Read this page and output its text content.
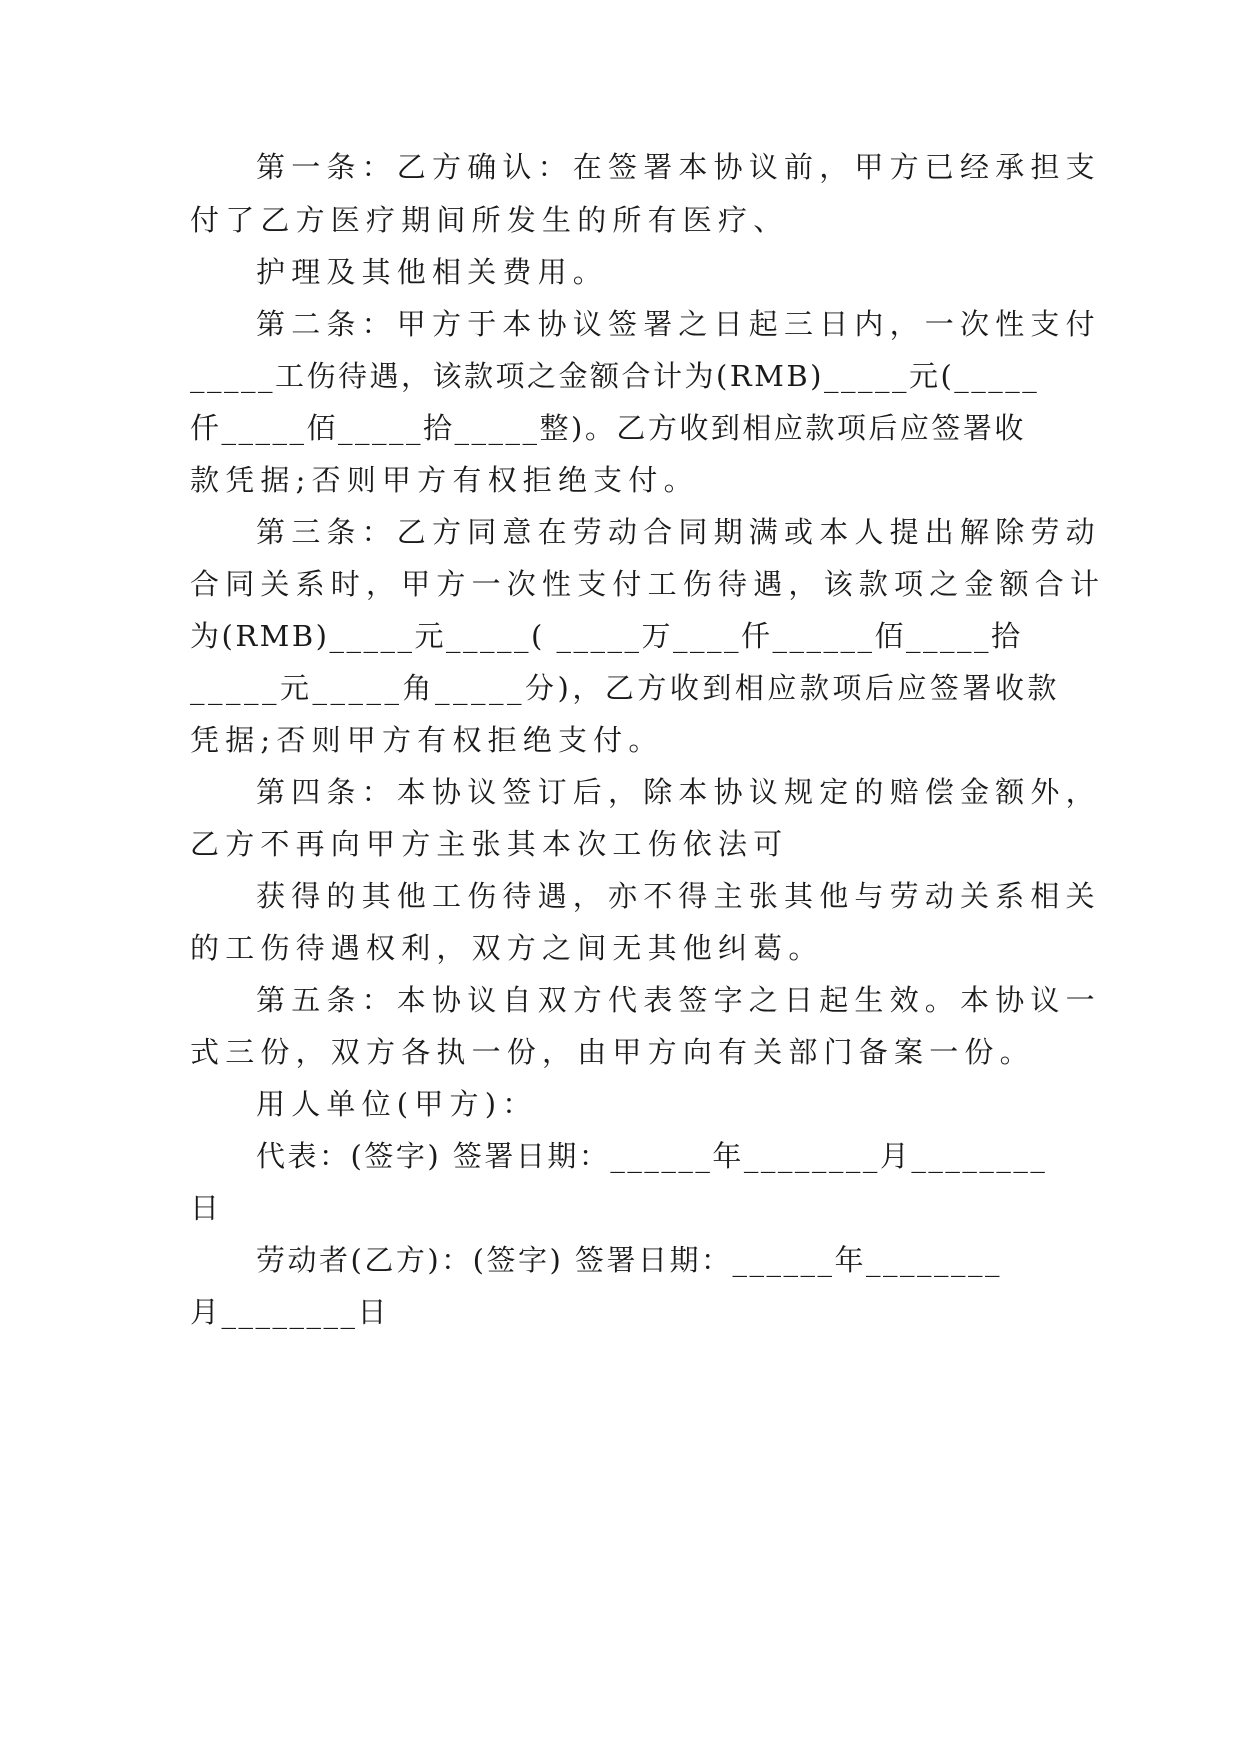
第一条：乙方确认：在签署本协议前，甲方已经承担支
付了乙方医疗期间所发生的所有医疗、
护理及其他相关费用。
第二条：甲方于本协议签署之日起三日内，一次性支付
_____工伤待遇，该款项之金额合计为(RMB)_____元(_____
仟_____佰_____拾_____整)。乙方收到相应款项后应签署收
款凭据;否则甲方有权拒绝支付。
第三条：乙方同意在劳动合同期满或本人提出解除劳动
合同关系时，甲方一次性支付工伤待遇，该款项之金额合计
为(RMB)_____元_____( _____万____仟______佰_____拾
_____元_____角_____分)，乙方收到相应款项后应签署收款
凭据;否则甲方有权拒绝支付。
第四条：本协议签订后，除本协议规定的赔偿金额外，
乙方不再向甲方主张其本次工伤依法可
获得的其他工伤待遇，亦不得主张其他与劳动关系相关
的工伤待遇权利，双方之间无其他纠葛。
第五条：本协议自双方代表签字之日起生效。本协议一
式三份，双方各执一份，由甲方向有关部门备案一份。
用人单位(甲方)：
代表：(签字) 签署日期：______年________月________
日
劳动者(乙方)：(签字) 签署日期：______年________
月________日
